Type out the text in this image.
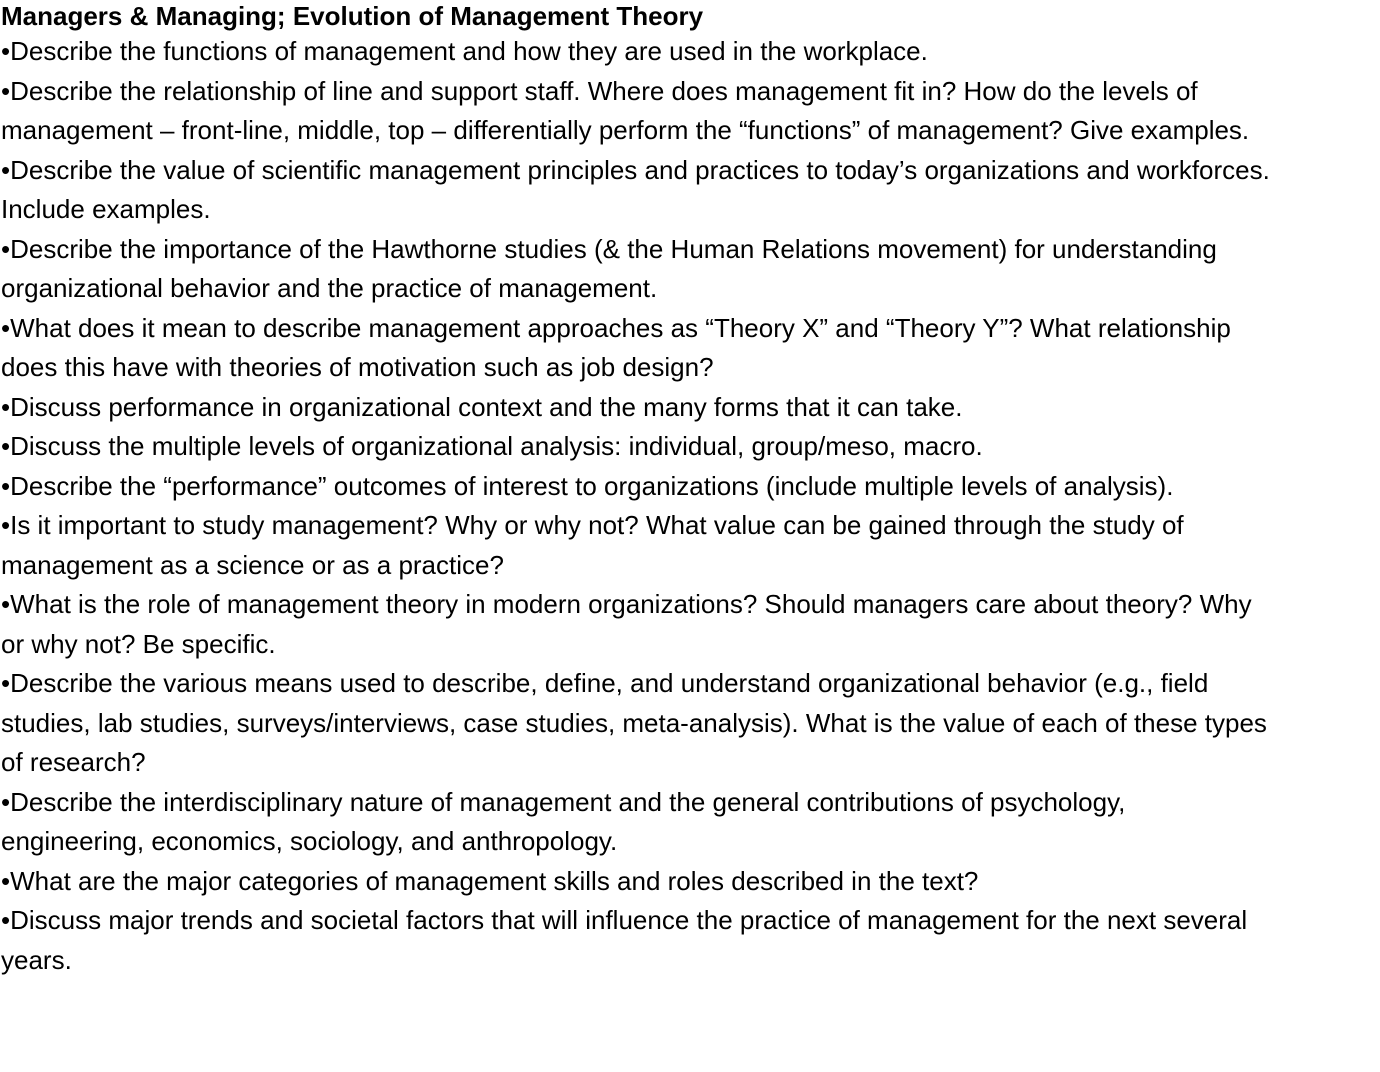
Managers & Managing; Evolution of Management Theory
•Describe the functions of management and how they are used in the workplace.
•Describe the relationship of line and support staff. Where does management fit in? How do the levels of management – front-line, middle, top – differentially perform the “functions” of management? Give examples.
•Describe the value of scientific management principles and practices to today’s organizations and workforces. Include examples.
•Describe the importance of the Hawthorne studies (& the Human Relations movement) for understanding organizational behavior and the practice of management.
•What does it mean to describe management approaches as “Theory X” and “Theory Y”? What relationship does this have with theories of motivation such as job design?
•Discuss performance in organizational context and the many forms that it can take.
•Discuss the multiple levels of organizational analysis: individual, group/meso, macro.
•Describe the “performance” outcomes of interest to organizations (include multiple levels of analysis).
•Is it important to study management? Why or why not? What value can be gained through the study of management as a science or as a practice?
•What is the role of management theory in modern organizations? Should managers care about theory? Why or why not? Be specific.
•Describe the various means used to describe, define, and understand organizational behavior (e.g., field studies, lab studies, surveys/interviews, case studies, meta-analysis). What is the value of each of these types of research?
•Describe the interdisciplinary nature of management and the general contributions of psychology, engineering, economics, sociology, and anthropology.
•What are the major categories of management skills and roles described in the text?
•Discuss major trends and societal factors that will influence the practice of management for the next several years.
